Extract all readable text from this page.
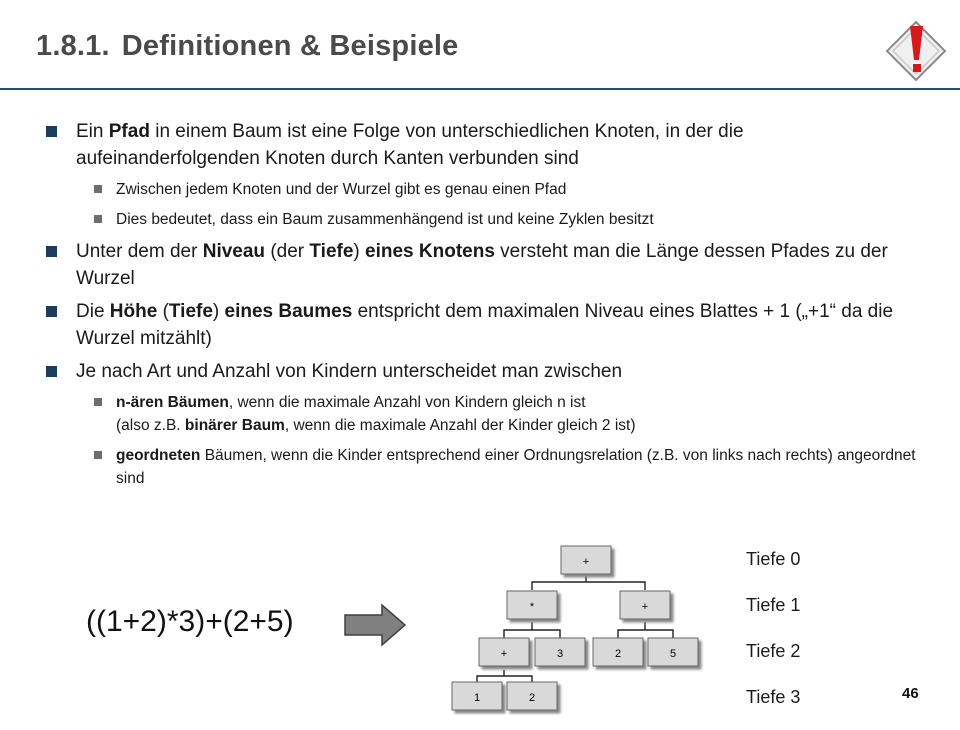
1.8.1. Definitionen & Beispiele
Ein Pfad in einem Baum ist eine Folge von unterschiedlichen Knoten, in der die aufeinanderfolgenden Knoten durch Kanten verbunden sind
Zwischen jedem Knoten und der Wurzel gibt es genau einen Pfad
Dies bedeutet, dass ein Baum zusammenhängend ist und keine Zyklen besitzt
Unter dem der Niveau (der Tiefe) eines Knotens versteht man die Länge dessen Pfades zu der Wurzel
Die Höhe (Tiefe) eines Baumes entspricht dem maximalen Niveau eines Blattes + 1 („+1“ da die Wurzel mitzählt)
Je nach Art und Anzahl von Kindern unterscheidet man zwischen
n-ären Bäumen, wenn die maximale Anzahl von Kindern gleich n ist
(also z.B. binärer Baum, wenn die maximale Anzahl der Kinder gleich 2 ist)
geordneten Bäumen, wenn die Kinder entsprechend einer Ordnungsrelation (z.B. von links nach rechts) angeordnet sind
((1+2)*3)+(2+5)
+
*	+
+	3	2	5
1	2
Tiefe 0
Tiefe 1
Tiefe 2
Tiefe 3	46
